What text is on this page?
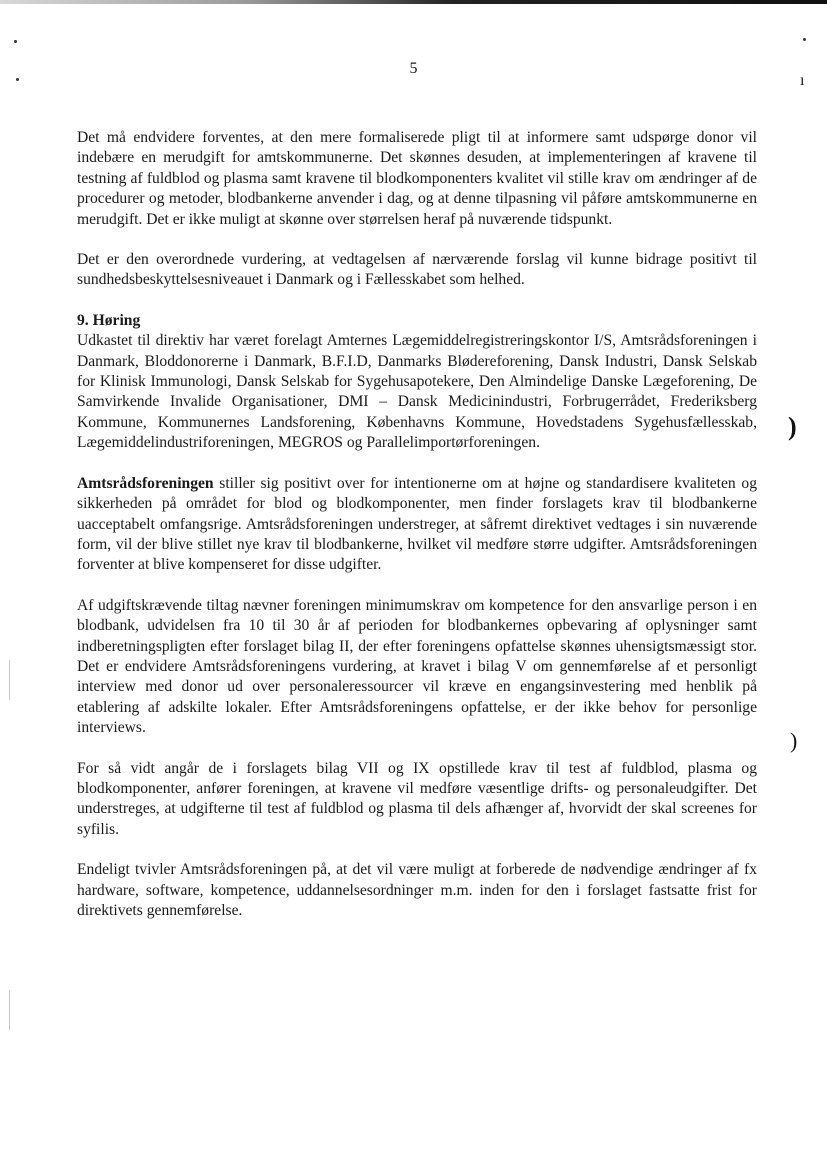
5
ı
)
)

Det må endvidere forventes, at den mere formaliserede pligt til at informere samt udspørge donor vil indebære en merudgift for amtskommunerne. Det skønnes desuden, at implementeringen af kravene til testning af fuldblod og plasma samt kravene til blodkomponenters kvalitet vil stille krav om ændringer af de procedurer og metoder, blodbankerne anvender i dag, og at denne tilpasning vil påføre amtskommunerne en merudgift. Det er ikke muligt at skønne over størrelsen heraf på nuværende tidspunkt.

Det er den overordnede vurdering, at vedtagelsen af nærværende forslag vil kunne bidrage positivt til sundhedsbeskyttelsesniveauet i Danmark og i Fællesskabet som helhed.

9. Høring

Udkastet til direktiv har været forelagt Amternes Lægemiddelregistreringskontor I/S, Amtsrådsforeningen i Danmark, Bloddonorerne i Danmark, B.F.I.D, Danmarks Blødereforening, Dansk Industri, Dansk Selskab for Klinisk Immunologi, Dansk Selskab for Sygehusapotekere, Den Almindelige Danske Lægeforening, De Samvirkende Invalide Organisationer, DMI – Dansk Medicinindustri, Forbrugerrådet, Frederiksberg Kommune, Kommunernes Landsforening, Københavns Kommune, Hovedstadens Sygehusfællesskab, Lægemiddelindustriforeningen, MEGROS og Parallelimportørforeningen.

Amtsrådsforeningen stiller sig positivt over for intentionerne om at højne og standardisere kvaliteten og sikkerheden på området for blod og blodkomponenter, men finder forslagets krav til blodbankerne uacceptabelt omfangsrige. Amtsrådsforeningen understreger, at såfremt direktivet vedtages i sin nuværende form, vil der blive stillet nye krav til blodbankerne, hvilket vil medføre større udgifter. Amtsrådsforeningen forventer at blive kompenseret for disse udgifter.

Af udgiftskrævende tiltag nævner foreningen minimumskrav om kompetence for den ansvarlige person i en blodbank, udvidelsen fra 10 til 30 år af perioden for blodbankernes opbevaring af oplysninger samt indberetningspligten efter forslaget bilag II, der efter foreningens opfattelse skønnes uhensigtsmæssigt stor. Det er endvidere Amtsrådsforeningens vurdering, at kravet i bilag V om gennemførelse af et personligt interview med donor ud over personaleressourcer vil kræve en engangsinvestering med henblik på etablering af adskilte lokaler. Efter Amtsrådsforeningens opfattelse, er der ikke behov for personlige interviews.

For så vidt angår de i forslagets bilag VII og IX opstillede krav til test af fuldblod, plasma og blodkomponenter, anfører foreningen, at kravene vil medføre væsentlige drifts- og personaleudgifter. Det understreges, at udgifterne til test af fuldblod og plasma til dels afhænger af, hvorvidt der skal screenes for syfilis.

Endeligt tvivler Amtsrådsforeningen på, at det vil være muligt at forberede de nødvendige ændringer af fx hardware, software, kompetence, uddannelsesordninger m.m. inden for den i forslaget fastsatte frist for direktivets gennemførelse.
